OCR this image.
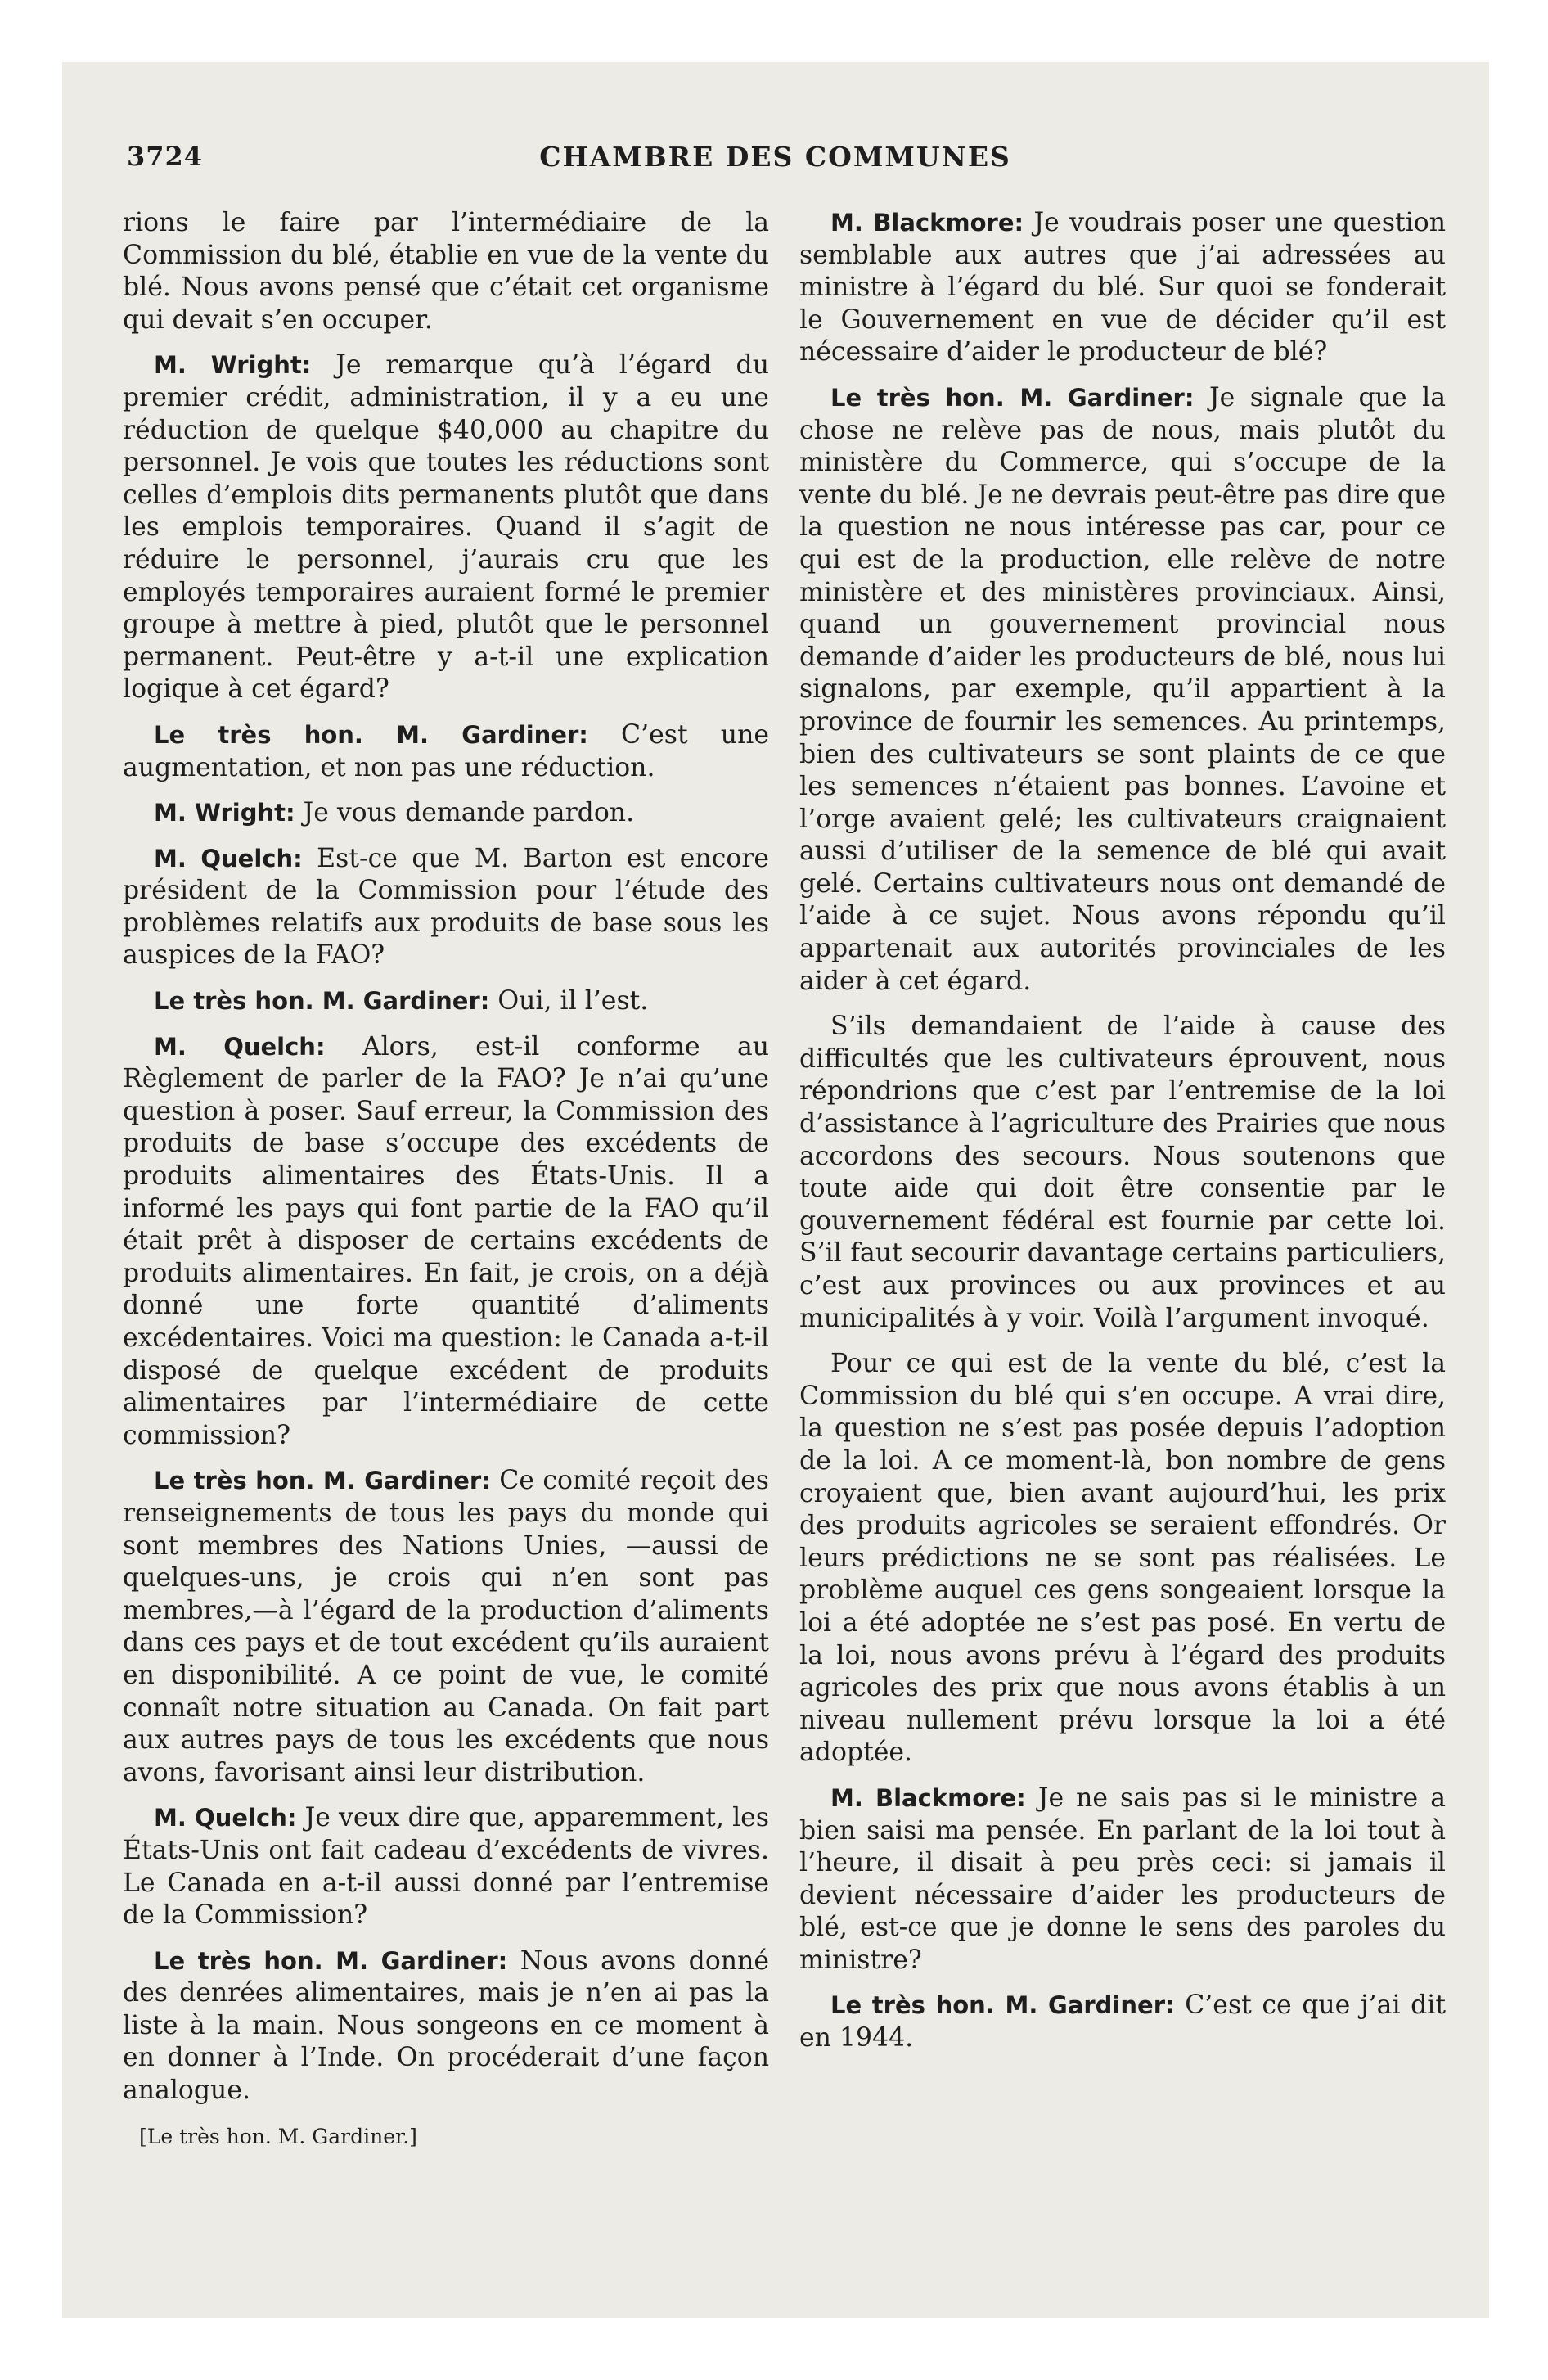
3724	CHAMBRE DES COMMUNES

rions le faire par l’intermédiaire de la Commission du blé, établie en vue de la vente du blé. Nous avons pensé que c’était cet organisme qui devait s’en occuper.

M. Wright: Je remarque qu’à l’égard du premier crédit, administration, il y a eu une réduction de quelque $40,000 au chapitre du personnel. Je vois que toutes les réductions sont celles d’emplois dits permanents plutôt que dans les emplois temporaires. Quand il s’agit de réduire le personnel, j’aurais cru que les employés temporaires auraient formé le premier groupe à mettre à pied, plutôt que le personnel permanent. Peut-être y a-t-il une explication logique à cet égard?

Le très hon. M. Gardiner: C’est une augmentation, et non pas une réduction.

M. Wright: Je vous demande pardon.

M. Quelch: Est-ce que M. Barton est encore président de la Commission pour l’étude des problèmes relatifs aux produits de base sous les auspices de la FAO?

Le très hon. M. Gardiner: Oui, il l’est.

M. Quelch: Alors, est-il conforme au Règlement de parler de la FAO? Je n’ai qu’une question à poser. Sauf erreur, la Commission des produits de base s’occupe des excédents de produits alimentaires des États-Unis. Il a informé les pays qui font partie de la FAO qu’il était prêt à disposer de certains excédents de produits alimentaires. En fait, je crois, on a déjà donné une forte quantité d’aliments excédentaires. Voici ma question: le Canada a-t-il disposé de quelque excédent de produits alimentaires par l’intermédiaire de cette commission?

Le très hon. M. Gardiner: Ce comité reçoit des renseignements de tous les pays du monde qui sont membres des Nations Unies, —aussi de quelques-uns, je crois qui n’en sont pas membres,—à l’égard de la production d’aliments dans ces pays et de tout excédent qu’ils auraient en disponibilité. A ce point de vue, le comité connaît notre situation au Canada. On fait part aux autres pays de tous les excédents que nous avons, favorisant ainsi leur distribution.

M. Quelch: Je veux dire que, apparemment, les États-Unis ont fait cadeau d’excédents de vivres. Le Canada en a-t-il aussi donné par l’entremise de la Commission?

Le très hon. M. Gardiner: Nous avons donné des denrées alimentaires, mais je n’en ai pas la liste à la main. Nous songeons en ce moment à en donner à l’Inde. On procéderait d’une façon analogue.

[Le très hon. M. Gardiner.]

M. Blackmore: Je voudrais poser une question semblable aux autres que j’ai adressées au ministre à l’égard du blé. Sur quoi se fonderait le Gouvernement en vue de décider qu’il est nécessaire d’aider le producteur de blé?

Le très hon. M. Gardiner: Je signale que la chose ne relève pas de nous, mais plutôt du ministère du Commerce, qui s’occupe de la vente du blé. Je ne devrais peut-être pas dire que la question ne nous intéresse pas car, pour ce qui est de la production, elle relève de notre ministère et des ministères provinciaux. Ainsi, quand un gouvernement provincial nous demande d’aider les producteurs de blé, nous lui signalons, par exemple, qu’il appartient à la province de fournir les semences. Au printemps, bien des cultivateurs se sont plaints de ce que les semences n’étaient pas bonnes. L’avoine et l’orge avaient gelé; les cultivateurs craignaient aussi d’utiliser de la semence de blé qui avait gelé. Certains cultivateurs nous ont demandé de l’aide à ce sujet. Nous avons répondu qu’il appartenait aux autorités provinciales de les aider à cet égard.

S’ils demandaient de l’aide à cause des difficultés que les cultivateurs éprouvent, nous répondrions que c’est par l’entremise de la loi d’assistance à l’agriculture des Prairies que nous accordons des secours. Nous soutenons que toute aide qui doit être consentie par le gouvernement fédéral est fournie par cette loi. S’il faut secourir davantage certains particuliers, c’est aux provinces ou aux provinces et au municipalités à y voir. Voilà l’argument invoqué.

Pour ce qui est de la vente du blé, c’est la Commission du blé qui s’en occupe. A vrai dire, la question ne s’est pas posée depuis l’adoption de la loi. A ce moment-là, bon nombre de gens croyaient que, bien avant aujourd’hui, les prix des produits agricoles se seraient effondrés. Or leurs prédictions ne se sont pas réalisées. Le problème auquel ces gens songeaient lorsque la loi a été adoptée ne s’est pas posé. En vertu de la loi, nous avons prévu à l’égard des produits agricoles des prix que nous avons établis à un niveau nullement prévu lorsque la loi a été adoptée.

M. Blackmore: Je ne sais pas si le ministre a bien saisi ma pensée. En parlant de la loi tout à l’heure, il disait à peu près ceci: si jamais il devient nécessaire d’aider les producteurs de blé, est-ce que je donne le sens des paroles du ministre?

Le très hon. M. Gardiner: C’est ce que j’ai dit en 1944.
